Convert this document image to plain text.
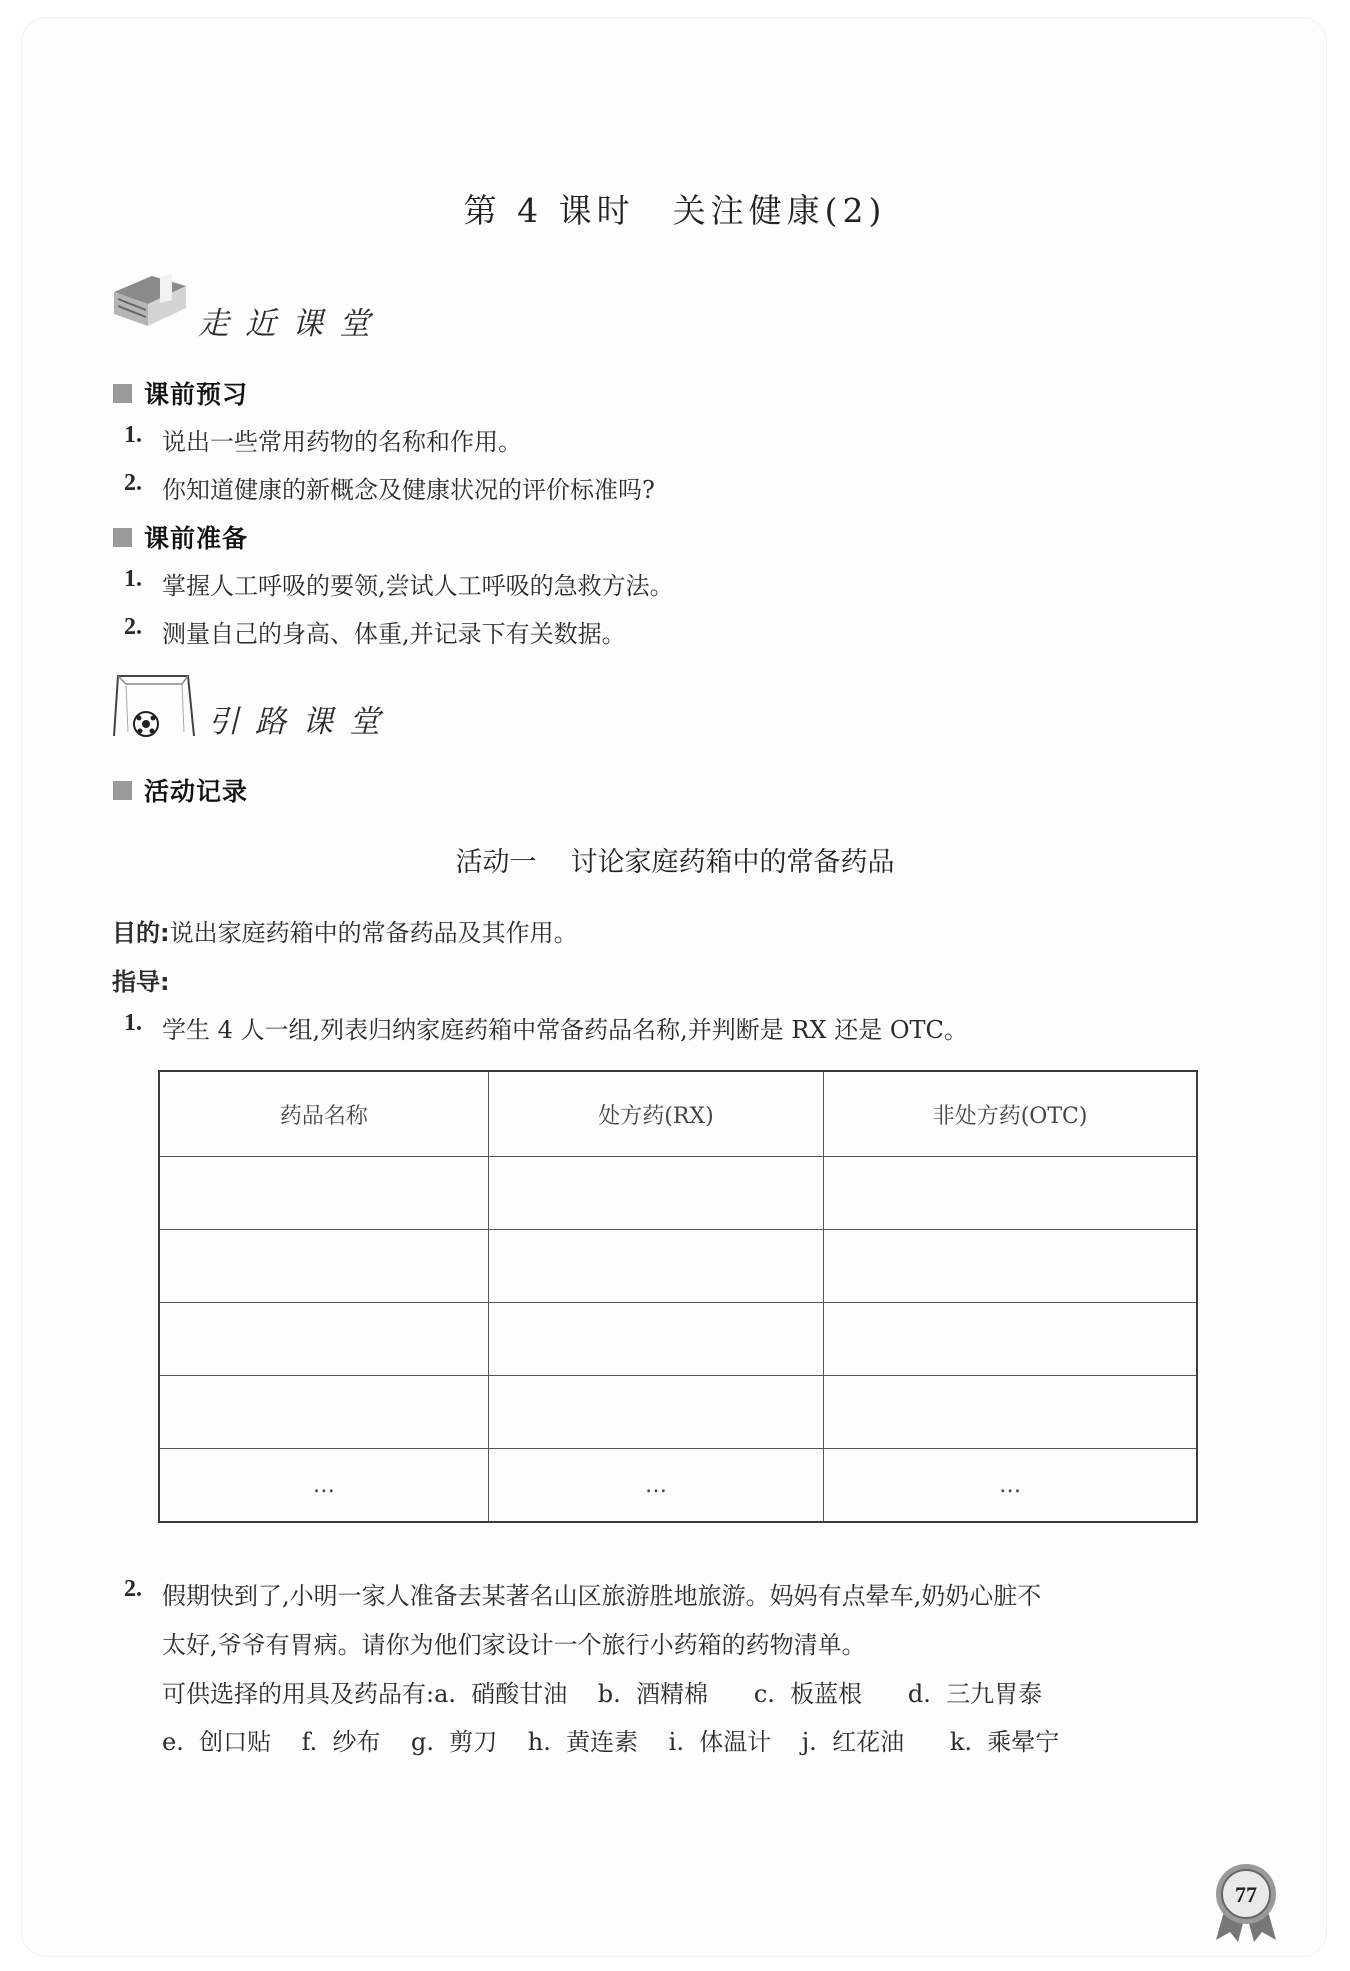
第 4 课时　关注健康(2)
走近课堂
课前预习
1. 说出一些常用药物的名称和作用。
2. 你知道健康的新概念及健康状况的评价标准吗?
课前准备
1. 掌握人工呼吸的要领,尝试人工呼吸的急救方法。
2. 测量自己的身高、体重,并记录下有关数据。
引路课堂
活动记录
活动一 讨论家庭药箱中的常备药品
目的: 说出家庭药箱中的常备药品及其作用。
指导:
1. 学生 4 人一组,列表归纳家庭药箱中常备药品名称,并判断是 RX 还是 OTC。
药品名称	处方药(RX)	非处方药(OTC)

…	…	…
2. 假期快到了,小明一家人准备去某著名山区旅游胜地旅游。妈妈有点晕车,奶奶心脏不
太好,爷爷有胃病。请你为他们家设计一个旅行小药箱的药物清单。
可供选择的用具及药品有:a.  硝酸甘油    b.  酒精棉      c.  板蓝根      d.  三九胃泰
e.  创口贴    f.  纱布    g.  剪刀    h.  黄连素    i.  体温计    j.  红花油      k.  乘晕宁
77
